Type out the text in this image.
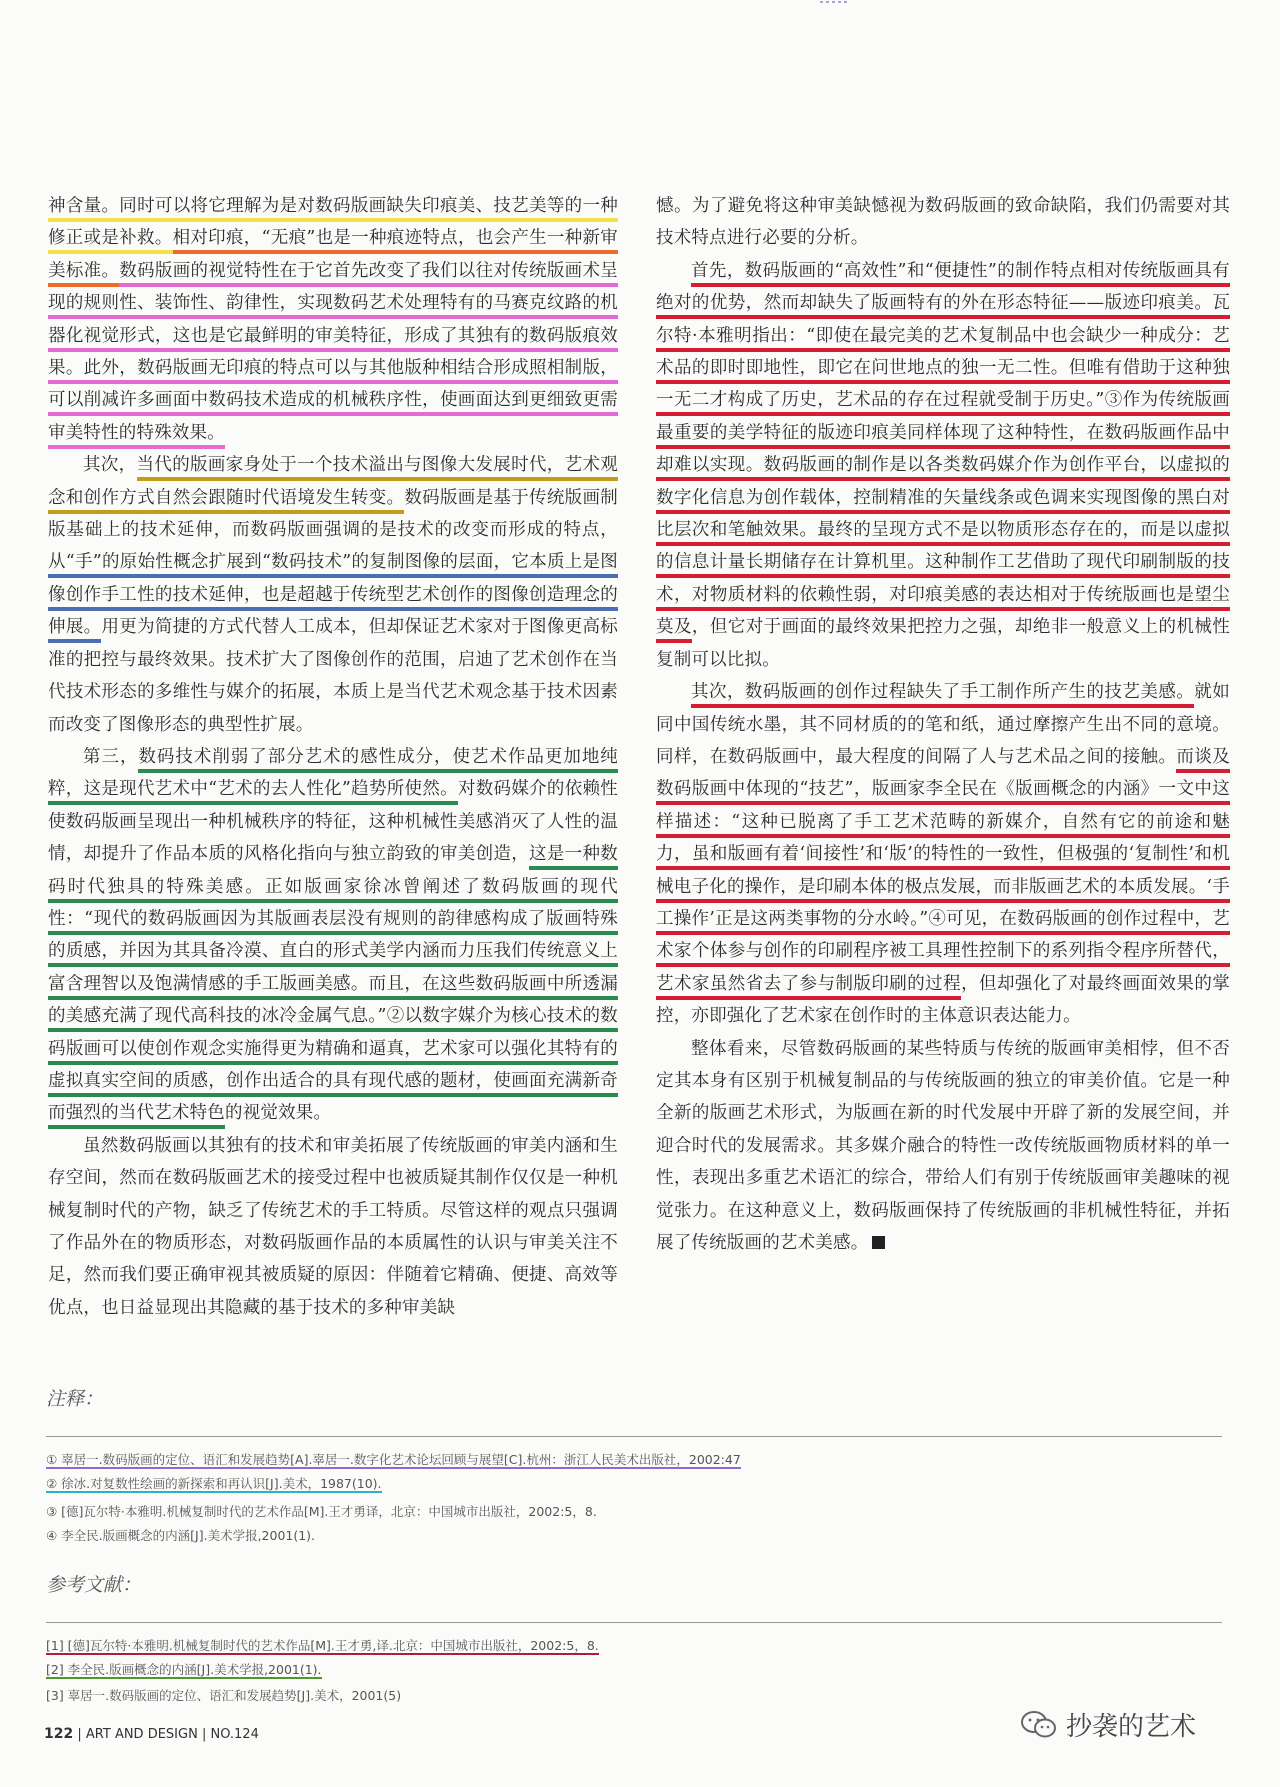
神含量。同时可以将它理解为是对数码版画缺失印痕美、技艺美等的一种修正或是补救。相对印痕，“无痕”也是一种痕迹特点，也会产生一种新审美标准。数码版画的视觉特性在于它首先改变了我们以往对传统版画术呈现的规则性、装饰性、韵律性，实现数码艺术处理特有的马赛克纹路的机器化视觉形式，这也是它最鲜明的审美特征，形成了其独有的数码版痕效果。此外，数码版画无印痕的特点可以与其他版种相结合形成照相制版，可以削减许多画面中数码技术造成的机械秩序性，使画面达到更细致更需审美特性的特殊效果。

其次，当代的版画家身处于一个技术溢出与图像大发展时代，艺术观念和创作方式自然会跟随时代语境发生转变。数码版画是基于传统版画制版基础上的技术延伸，而数码版画强调的是技术的改变而形成的特点，从“手”的原始性概念扩展到“数码技术”的复制图像的层面，它本质上是图像创作手工性的技术延伸，也是超越于传统型艺术创作的图像创造理念的伸展。用更为简捷的方式代替人工成本，但却保证艺术家对于图像更高标准的把控与最终效果。技术扩大了图像创作的范围，启迪了艺术创作在当代技术形态的多维性与媒介的拓展，本质上是当代艺术观念基于技术因素而改变了图像形态的典型性扩展。

第三，数码技术削弱了部分艺术的感性成分，使艺术作品更加地纯粹，这是现代艺术中“艺术的去人性化”趋势所使然。对数码媒介的依赖性使数码版画呈现出一种机械秩序的特征，这种机械性美感消灭了人性的温情，却提升了作品本质的风格化指向与独立韵致的审美创造，这是一种数码时代独具的特殊美感。正如版画家徐冰曾阐述了数码版画的现代性：“现代的数码版画因为其版画表层没有规则的韵律感构成了版画特殊的质感，并因为其具备冷漠、直白的形式美学内涵而力压我们传统意义上富含理智以及饱满情感的手工版画美感。而且，在这些数码版画中所透漏的美感充满了现代高科技的冰冷金属气息。”②以数字媒介为核心技术的数码版画可以使创作观念实施得更为精确和逼真，艺术家可以强化其特有的虚拟真实空间的质感，创作出适合的具有现代感的题材，使画面充满新奇而强烈的当代艺术特色的视觉效果。

虽然数码版画以其独有的技术和审美拓展了传统版画的审美内涵和生存空间，然而在数码版画艺术的接受过程中也被质疑其制作仅仅是一种机械复制时代的产物，缺乏了传统艺术的手工特质。尽管这样的观点只强调了作品外在的物质形态，对数码版画作品的本质属性的认识与审美关注不足，然而我们要正确审视其被质疑的原因：伴随着它精确、便捷、高效等优点，也日益显现出其隐藏的基于技术的多种审美缺

憾。为了避免将这种审美缺憾视为数码版画的致命缺陷，我们仍需要对其技术特点进行必要的分析。

首先，数码版画的“高效性”和“便捷性”的制作特点相对传统版画具有绝对的优势，然而却缺失了版画特有的外在形态特征——版迹印痕美。瓦尔特·本雅明指出：“即使在最完美的艺术复制品中也会缺少一种成分：艺术品的即时即地性，即它在问世地点的独一无二性。但唯有借助于这种独一无二才构成了历史，艺术品的存在过程就受制于历史。”③作为传统版画最重要的美学特征的版迹印痕美同样体现了这种特性，在数码版画作品中却难以实现。数码版画的制作是以各类数码媒介作为创作平台，以虚拟的数字化信息为创作载体，控制精准的矢量线条或色调来实现图像的黑白对比层次和笔触效果。最终的呈现方式不是以物质形态存在的，而是以虚拟的信息计量长期储存在计算机里。这种制作工艺借助了现代印刷制版的技术，对物质材料的依赖性弱，对印痕美感的表达相对于传统版画也是望尘莫及，但它对于画面的最终效果把控力之强，却绝非一般意义上的机械性复制可以比拟。

其次，数码版画的创作过程缺失了手工制作所产生的技艺美感。就如同中国传统水墨，其不同材质的的笔和纸，通过摩擦产生出不同的意境。同样，在数码版画中，最大程度的间隔了人与艺术品之间的接触。而谈及数码版画中体现的“技艺”，版画家李全民在《版画概念的内涵》一文中这样描述：“这种已脱离了手工艺术范畴的新媒介，自然有它的前途和魅力，虽和版画有着‘间接性’和‘版’的特性的一致性，但极强的‘复制性’和机械电子化的操作，是印刷本体的极点发展，而非版画艺术的本质发展。‘手工操作’正是这两类事物的分水岭。”④可见，在数码版画的创作过程中，艺术家个体参与创作的印刷程序被工具理性控制下的系列指令程序所替代，艺术家虽然省去了参与制版印刷的过程，但却强化了对最终画面效果的掌控，亦即强化了艺术家在创作时的主体意识表达能力。

整体看来，尽管数码版画的某些特质与传统的版画审美相悖，但不否定其本身有区别于机械复制品的与传统版画的独立的审美价值。它是一种全新的版画艺术形式，为版画在新的时代发展中开辟了新的发展空间，并迎合时代的发展需求。其多媒介融合的特性一改传统版画物质材料的单一性，表现出多重艺术语汇的综合，带给人们有别于传统版画审美趣味的视觉张力。在这种意义上，数码版画保持了传统版画的非机械性特征，并拓展了传统版画的艺术美感。

注释：
① 辜居一.数码版画的定位、语汇和发展趋势[A].辜居一.数字化艺术论坛回顾与展望[C].杭州：浙江人民美术出版社，2002:47
② 徐冰.对复数性绘画的新探索和再认识[J].美术，1987(10).
③ [德]瓦尔特·本雅明.机械复制时代的艺术作品[M].王才勇译，北京：中国城市出版社，2002:5，8.
④ 李全民.版画概念的内涵[J].美术学报,2001(1).
参考文献：
[1] [德]瓦尔特·本雅明.机械复制时代的艺术作品[M].王才勇,译.北京：中国城市出版社，2002:5，8.
[2] 李全民.版画概念的内涵[J].美术学报,2001(1).
[3] 辜居一.数码版画的定位、语汇和发展趋势[J].美术，2001(5)
122 | ART AND DESIGN | NO.124	抄袭的艺术
